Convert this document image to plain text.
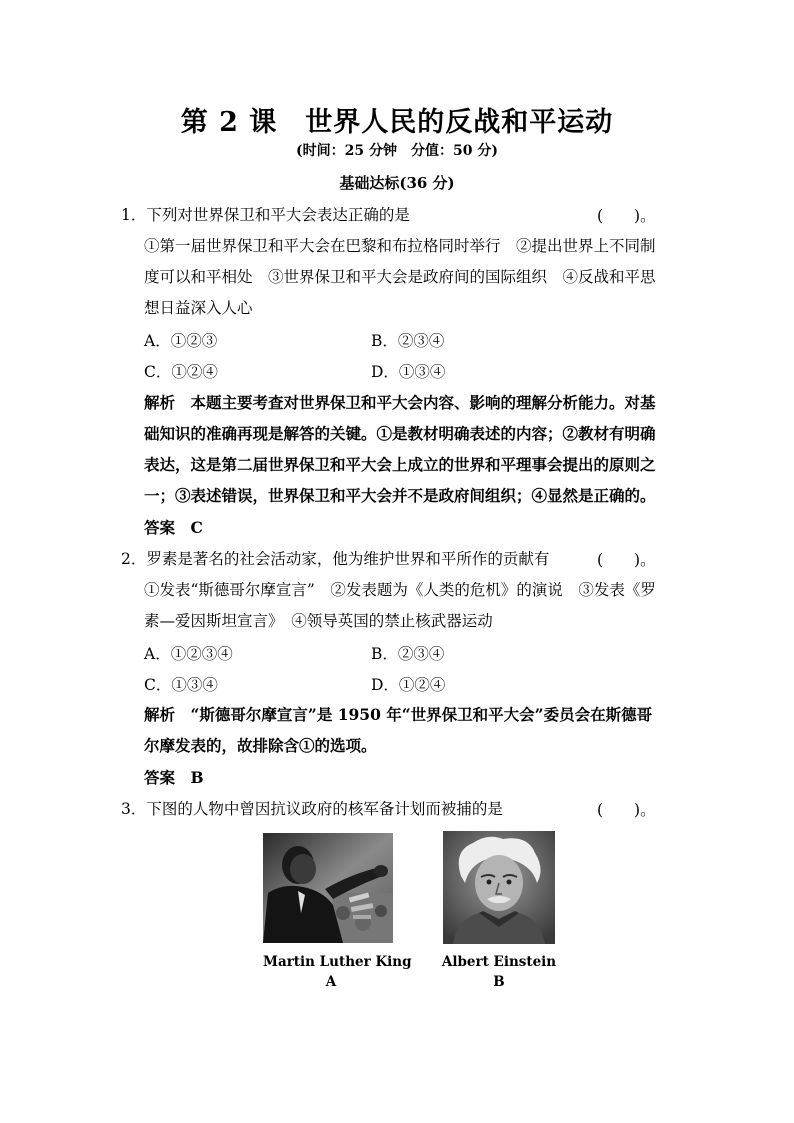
第 2 课　世界人民的反战和平运动
(时间：25 分钟　分值：50 分)
基础达标(36 分)
1．下列对世界保卫和平大会表达正确的是	(　　)。
①第一届世界保卫和平大会在巴黎和布拉格同时举行　②提出世界上不同制
度可以和平相处　③世界保卫和平大会是政府间的国际组织　④反战和平思
想日益深入人心
A．①②③	B．②③④
C．①②④	D．①③④
解析　本题主要考查对世界保卫和平大会内容、影响的理解分析能力。对基
础知识的准确再现是解答的关键。①是教材明确表述的内容；②教材有明确
表达，这是第二届世界保卫和平大会上成立的世界和平理事会提出的原则之
一；③表述错误，世界保卫和平大会并不是政府间组织；④显然是正确的。
答案　C
2．罗素是著名的社会活动家，他为维护世界和平所作的贡献有	(　　)。
①发表“斯德哥尔摩宣言”　②发表题为《人类的危机》的演说　③发表《罗
素—爱因斯坦宣言》　④领导英国的禁止核武器运动
A．①②③④	B．②③④
C．①③④	D．①②④
解析　“斯德哥尔摩宣言”是 1950 年“世界保卫和平大会”委员会在斯德哥
尔摩发表的，故排除含①的选项。
答案　B
3．下图的人物中曾因抗议政府的核军备计划而被捕的是	(　　)。
Martin Luther King
A
Albert Einstein
B
